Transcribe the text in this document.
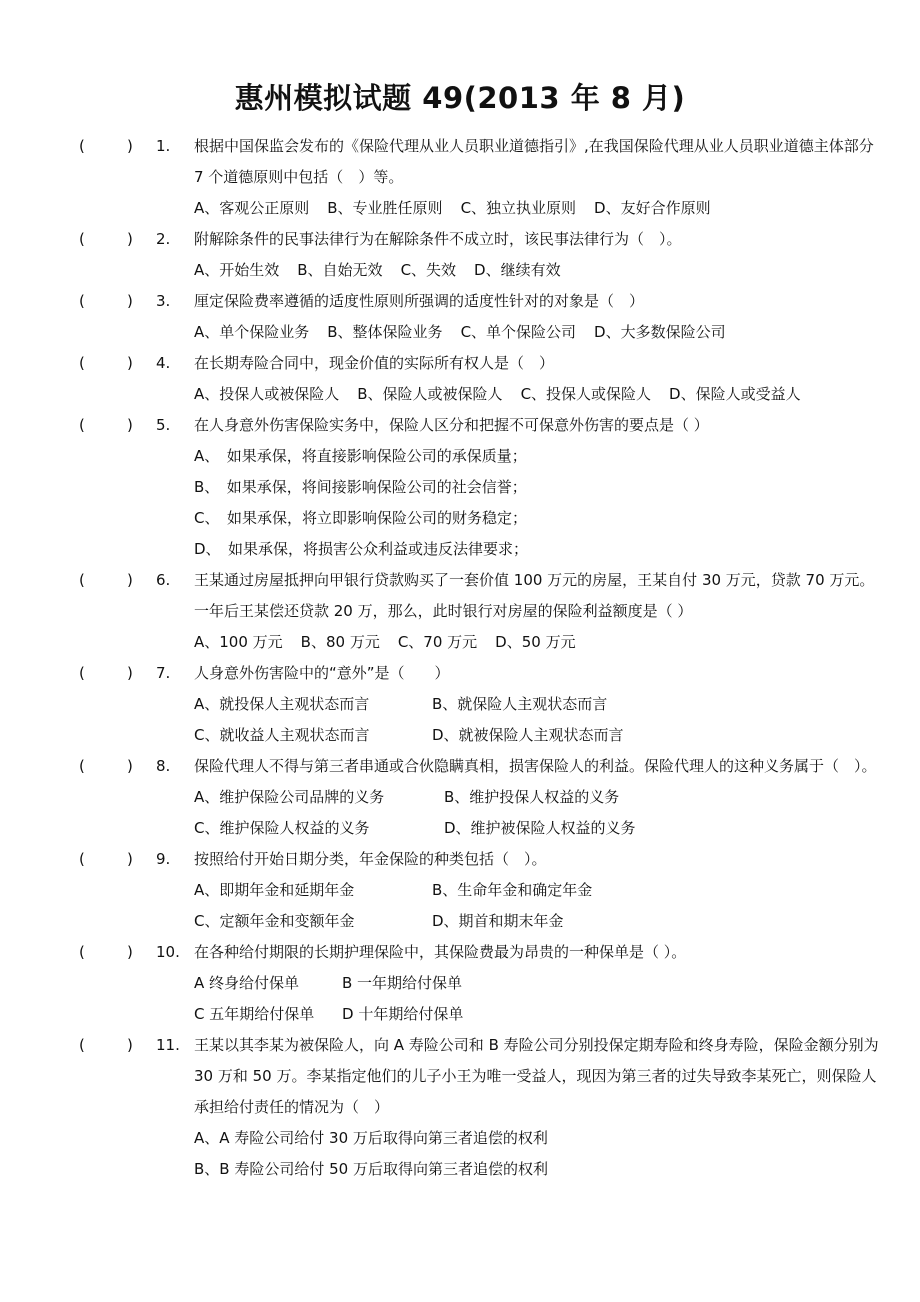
惠州模拟试题 49(2013 年 8 月)
(	) 1. 根据中国保监会发布的《保险代理从业人员职业道德指引》,在我国保险代理从业人员职业道德主体部分
7 个道德原则中包括（　）等。
A、客观公正原则 B、专业胜任原则 C、独立执业原则 D、友好合作原则
(	) 2. 附解除条件的民事法律行为在解除条件不成立时，该民事法律行为（　）。
A、开始生效 B、自始无效 C、失效 D、继续有效
(	) 3. 厘定保险费率遵循的适度性原则所强调的适度性针对的对象是（　）
A、单个保险业务 B、整体保险业务 C、单个保险公司 D、大多数保险公司
(	) 4. 在长期寿险合同中，现金价值的实际所有权人是（　）
A、投保人或被保险人 B、保险人或被保险人 C、投保人或保险人 D、保险人或受益人
(	) 5. 在人身意外伤害保险实务中，保险人区分和把握不可保意外伤害的要点是（ ）
A、　如果承保，将直接影响保险公司的承保质量；
B、　如果承保，将间接影响保险公司的社会信誉；
C、　如果承保，将立即影响保险公司的财务稳定；
D、　如果承保，将损害公众利益或违反法律要求；
(	) 6. 王某通过房屋抵押向甲银行贷款购买了一套价值 100 万元的房屋，王某自付 30 万元，贷款 70 万元。
一年后王某偿还贷款 20 万，那么，此时银行对房屋的保险利益额度是（ ）
A、100 万元 B、80 万元 C、70 万元 D、50 万元
(	) 7. 人身意外伤害险中的“意外”是（　　）
A、就投保人主观状态而言	B、就保险人主观状态而言
C、就收益人主观状态而言	D、就被保险人主观状态而言
(	) 8. 保险代理人不得与第三者串通或合伙隐瞒真相，损害保险人的利益。保险代理人的这种义务属于（　）。
A、维护保险公司品牌的义务	B、维护投保人权益的义务
C、维护保险人权益的义务	D、维护被保险人权益的义务
(	) 9. 按照给付开始日期分类，年金保险的种类包括（　）。
A、即期年金和延期年金	B、生命年金和确定年金
C、定额年金和变额年金	D、期首和期末年金
(	) 10. 在各种给付期限的长期护理保险中，其保险费最为昂贵的一种保单是（ ）。
A 终身给付保单	B 一年期给付保单
C 五年期给付保单 D 十年期给付保单
(	) 11. 王某以其李某为被保险人，向 A 寿险公司和 B 寿险公司分别投保定期寿险和终身寿险，保险金额分别为
30 万和 50 万。李某指定他们的儿子小王为唯一受益人，现因为第三者的过失导致李某死亡，则保险人
承担给付责任的情况为（　）
A、A 寿险公司给付 30 万后取得向第三者追偿的权利
B、B 寿险公司给付 50 万后取得向第三者追偿的权利
